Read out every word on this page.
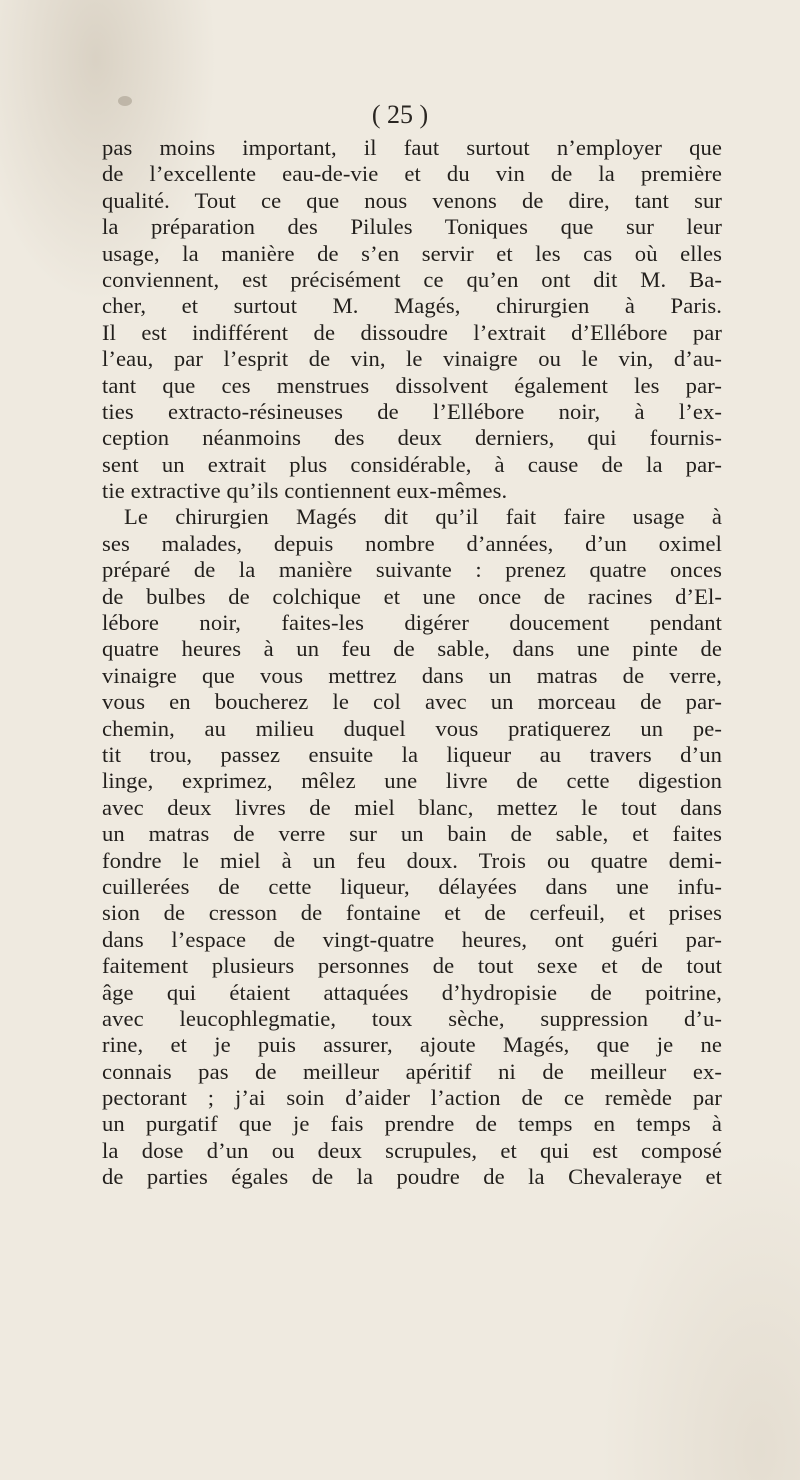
( 25 )
pas moins important, il faut surtout n’employer que
de l’excellente eau-de-vie et du vin de la première
qualité. Tout ce que nous venons de dire, tant sur
la préparation des Pilules Toniques que sur leur
usage, la manière de s’en servir et les cas où elles
conviennent, est précisément ce qu’en ont dit M. Ba-
cher, et surtout M. Magés, chirurgien à Paris.
Il est indifférent de dissoudre l’extrait d’Ellébore par
l’eau, par l’esprit de vin, le vinaigre ou le vin, d’au-
tant que ces menstrues dissolvent également les par-
ties extracto-résineuses de l’Ellébore noir, à l’ex-
ception néanmoins des deux derniers, qui fournis-
sent un extrait plus considérable, à cause de la par-
tie extractive qu’ils contiennent eux-mêmes.
Le chirurgien Magés dit qu’il fait faire usage à
ses malades, depuis nombre d’années, d’un oximel
préparé de la manière suivante : prenez quatre onces
de bulbes de colchique et une once de racines d’El-
lébore noir, faites-les digérer doucement pendant
quatre heures à un feu de sable, dans une pinte de
vinaigre que vous mettrez dans un matras de verre,
vous en boucherez le col avec un morceau de par-
chemin, au milieu duquel vous pratiquerez un pe-
tit trou, passez ensuite la liqueur au travers d’un
linge, exprimez, mêlez une livre de cette digestion
avec deux livres de miel blanc, mettez le tout dans
un matras de verre sur un bain de sable, et faites
fondre le miel à un feu doux. Trois ou quatre demi-
cuillerées de cette liqueur, délayées dans une infu-
sion de cresson de fontaine et de cerfeuil, et prises
dans l’espace de vingt-quatre heures, ont guéri par-
faitement plusieurs personnes de tout sexe et de tout
âge qui étaient attaquées d’hydropisie de poitrine,
avec leucophlegmatie, toux sèche, suppression d’u-
rine, et je puis assurer, ajoute Magés, que je ne
connais pas de meilleur apéritif ni de meilleur ex-
pectorant ; j’ai soin d’aider l’action de ce remède par
un purgatif que je fais prendre de temps en temps à
la dose d’un ou deux scrupules, et qui est composé
de parties égales de la poudre de la Chevaleraye et
